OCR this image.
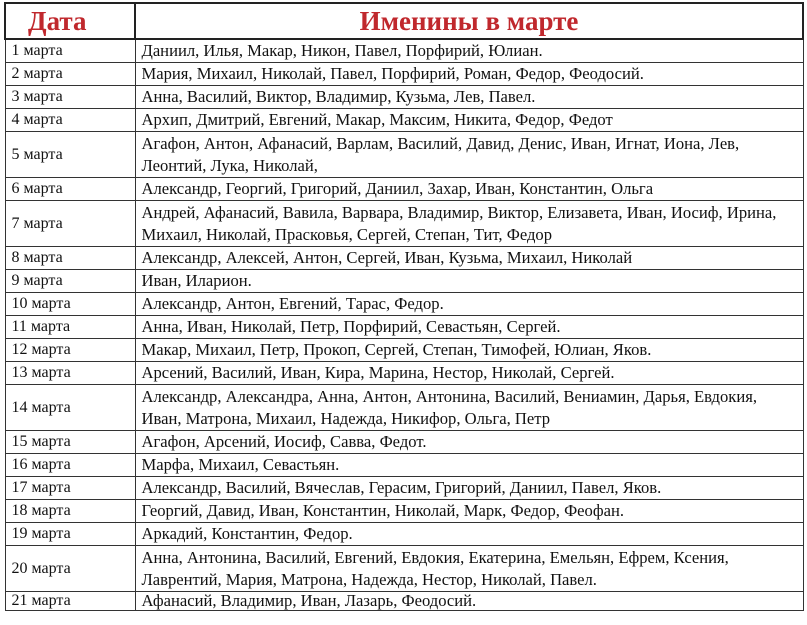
Дата	Именины в марте
1 марта	Даниил, Илья, Макар, Никон, Павел, Порфирий, Юлиан.
2 марта	Мария, Михаил, Николай, Павел, Порфирий, Роман, Федор, Феодосий.
3 марта	Анна, Василий, Виктор, Владимир, Кузьма, Лев, Павел.
4 марта	Архип, Дмитрий, Евгений, Макар, Максим, Никита, Федор, Федот
5 марта	Агафон, Антон, Афанасий, Варлам, Василий, Давид, Денис, Иван, Игнат, Иона, Лев, Леонтий, Лука, Николай,
6 марта	Александр, Георгий, Григорий, Даниил, Захар, Иван, Константин, Ольга
7 марта	Андрей, Афанасий, Вавила, Варвара, Владимир, Виктор, Елизавета, Иван, Иосиф, Ирина, Михаил, Николай, Прасковья, Сергей, Степан, Тит, Федор
8 марта	Александр, Алексей, Антон, Сергей, Иван, Кузьма, Михаил, Николай
9 марта	Иван, Иларион.
10 марта	Александр, Антон, Евгений, Тарас, Федор.
11 марта	Анна, Иван, Николай, Петр, Порфирий, Севастьян, Сергей.
12 марта	Макар, Михаил, Петр, Прокоп, Сергей, Степан, Тимофей, Юлиан, Яков.
13 марта	Арсений, Василий, Иван, Кира, Марина, Нестор, Николай, Сергей.
14 марта	Александр, Александра, Анна, Антон, Антонина, Василий, Вениамин, Дарья, Евдокия, Иван, Матрона, Михаил, Надежда, Никифор, Ольга, Петр
15 марта	Агафон, Арсений, Иосиф, Савва, Федот.
16 марта	Марфа, Михаил, Севастьян.
17 марта	Александр, Василий, Вячеслав, Герасим, Григорий, Даниил, Павел, Яков.
18 марта	Георгий, Давид, Иван, Константин, Николай, Марк, Федор, Феофан.
19 марта	Аркадий, Константин, Федор.
20 марта	Анна, Антонина, Василий, Евгений, Евдокия, Екатерина, Емельян, Ефрем, Ксения, Лаврентий, Мария, Матрона, Надежда, Нестор, Николай, Павел.
21 марта	Афанасий, Владимир, Иван, Лазарь, Феодосий.
